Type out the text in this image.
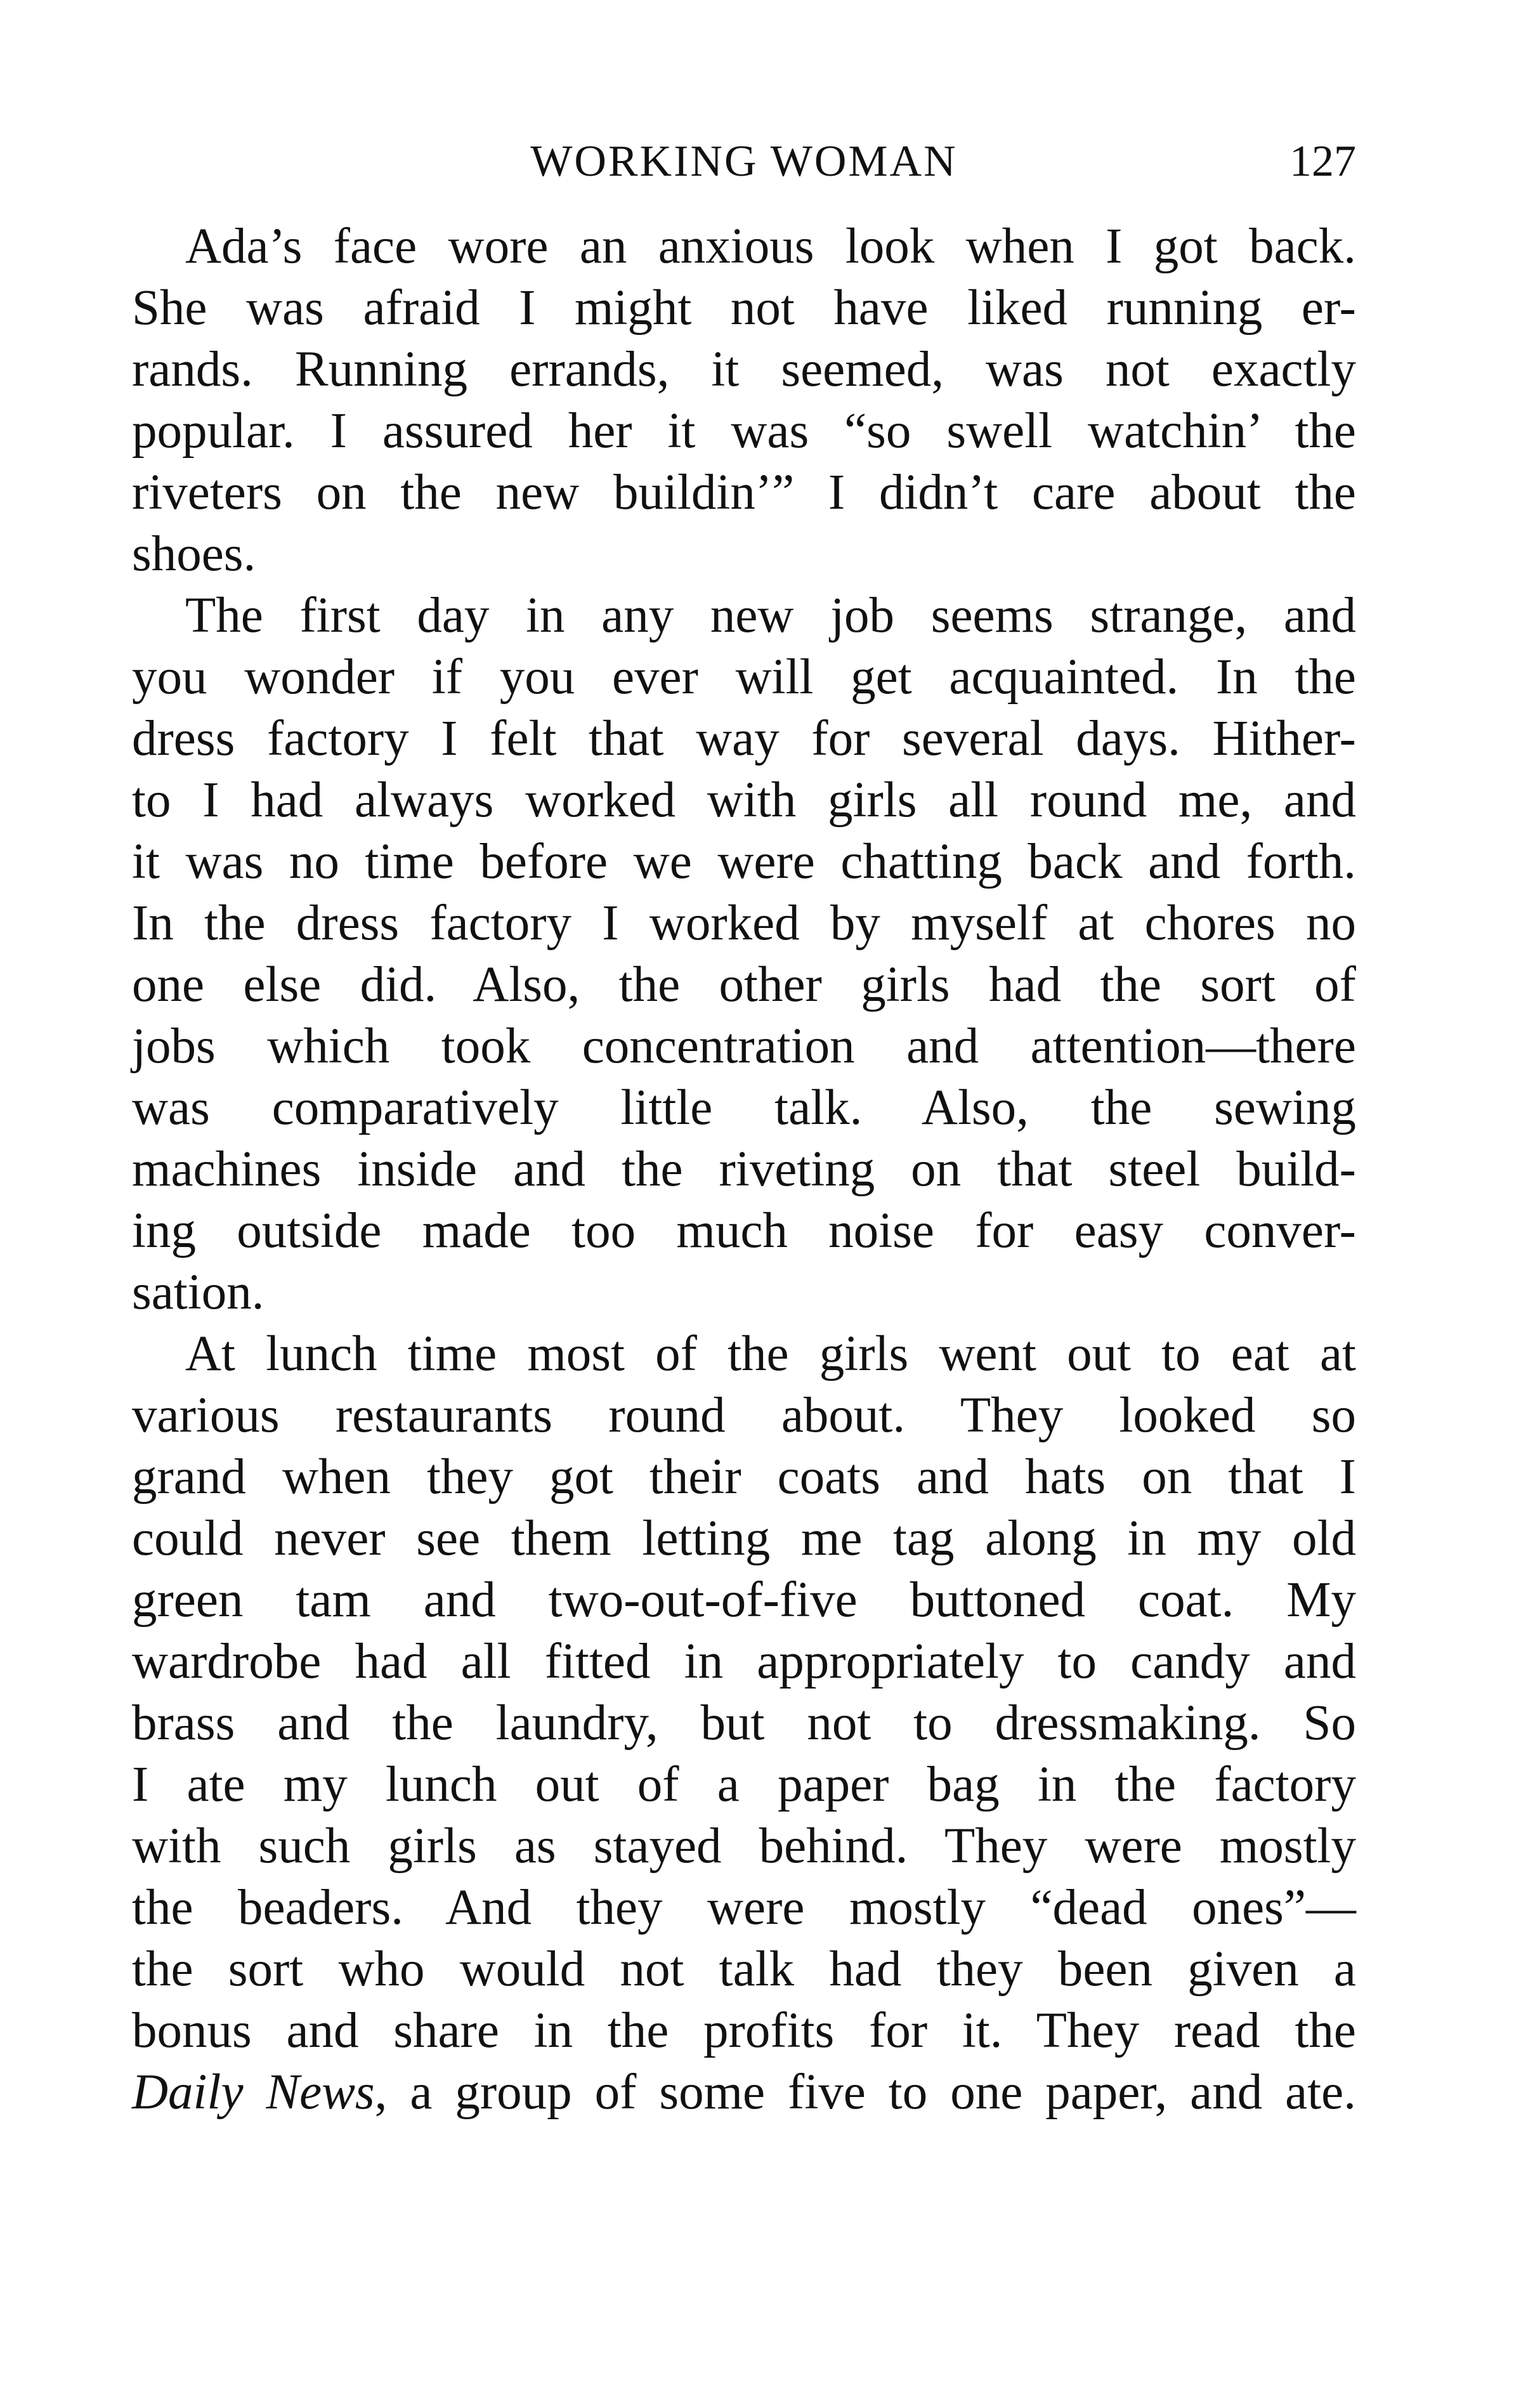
WORKING WOMAN	127
Ada’s face wore an anxious look when I got back.
She was afraid I might not have liked running er-
rands. Running errands, it seemed, was not exactly
popular. I assured her it was “so swell watchin’ the
riveters on the new buildin’” I didn’t care about the
shoes.
The first day in any new job seems strange, and
you wonder if you ever will get acquainted. In the
dress factory I felt that way for several days. Hither-
to I had always worked with girls all round me, and
it was no time before we were chatting back and forth.
In the dress factory I worked by myself at chores no
one else did. Also, the other girls had the sort of
jobs which took concentration and attention—there
was comparatively little talk. Also, the sewing
machines inside and the riveting on that steel build-
ing outside made too much noise for easy conver-
sation.
At lunch time most of the girls went out to eat at
various restaurants round about. They looked so
grand when they got their coats and hats on that I
could never see them letting me tag along in my old
green tam and two-out-of-five buttoned coat. My
wardrobe had all fitted in appropriately to candy and
brass and the laundry, but not to dressmaking. So
I ate my lunch out of a paper bag in the factory
with such girls as stayed behind. They were mostly
the beaders. And they were mostly “dead ones”—
the sort who would not talk had they been given a
bonus and share in the profits for it. They read the
Daily News, a group of some five to one paper, and ate.
